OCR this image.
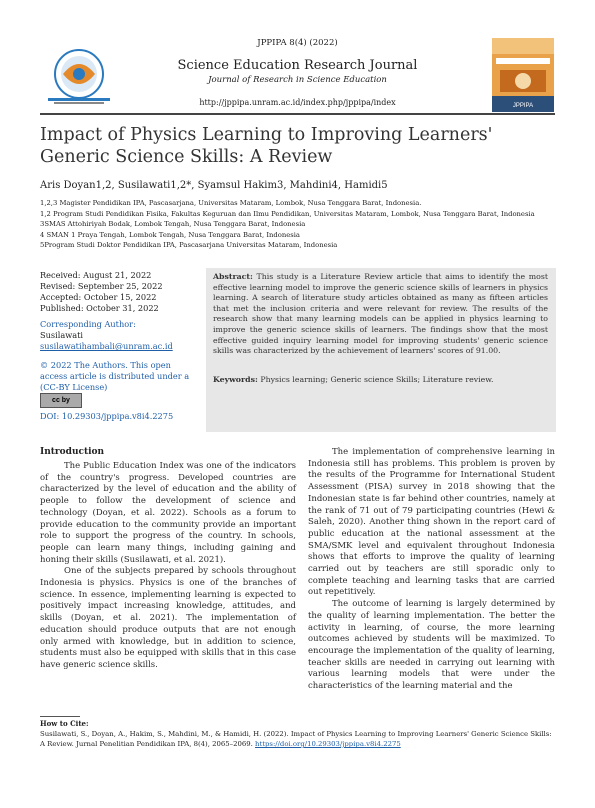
JPPIPA 8(4) (2022)
Science Education Research Journal
Journal of Research in Science Education
http://jppipa.unram.ac.id/index.php/jppipa/index	JPPIPA
Impact of Physics Learning to Improving Learners' Generic Science Skills: A Review
Aris Doyan1,2, Susilawati1,2*, Syamsul Hakim3, Mahdini4, Hamidi5
1,2,3 Magister Pendidikan IPA, Pascasarjana, Universitas Mataram, Lombok, Nusa Tenggara Barat, Indonesia.
1,2 Program Studi Pendidikan Fisika, Fakultas Keguruan dan Ilmu Pendidikan, Universitas Mataram, Lombok, Nusa Tenggara Barat, Indonesia
3SMAS Attohiriyah Bodak, Lombok Tengah, Nusa Tenggara Barat, Indonesia
4 SMAN 1 Praya Tengah, Lombok Tengah, Nusa Tenggara Barat, Indonesia
5Program Studi Doktor Pendidikan IPA, Pascasarjana Universitas Mataram, Indonesia
Received: August 21, 2022
Revised: September 25, 2022
Accepted: October 15, 2022
Published: October 31, 2022
Corresponding Author:
Susilawati
susilawatihambali@unram.ac.id
© 2022 The Authors. This open access article is distributed under a (CC-BY License)
cc by
DOI: 10.29303/jppipa.v8i4.2275
Abstract: This study is a Literature Review article that aims to identify the most effective learning model to improve the generic science skills of learners in physics learning. A search of literature study articles obtained as many as fifteen articles that met the inclusion criteria and were relevant for review. The results of the research show that many learning models can be applied in physics learning to improve the generic science skills of learners. The findings show that the most effective guided inquiry learning model for improving students' generic science skills was characterized by the achievement of learners' scores of 91.00.
Keywords: Physics learning; Generic science Skills; Literature review.
Introduction

The Public Education Index was one of the indicators of the country's progress. Developed countries are characterized by the level of education and the ability of people to follow the development of science and technology (Doyan, et al. 2022). Schools as a forum to provide education to the community provide an important role to support the progress of the country. In schools, people can learn many things, including gaining and honing their skills (Susilawati, et al. 2021).

One of the subjects prepared by schools throughout Indonesia is physics. Physics is one of the branches of science. In essence, implementing learning is expected to positively impact increasing knowledge, attitudes, and skills (Doyan, et al. 2021). The implementation of education should produce outputs that are not enough only armed with knowledge, but in addition to science, students must also be equipped with skills that in this case have generic science skills.

The implementation of comprehensive learning in Indonesia still has problems. This problem is proven by the results of the Programme for International Student Assessment (PISA) survey in 2018 showing that the Indonesian state is far behind other countries, namely at the rank of 71 out of 79 participating countries (Hewi & Saleh, 2020). Another thing shown in the report card of public education at the national assessment at the SMA/SMK level and equivalent throughout Indonesia shows that efforts to improve the quality of learning carried out by teachers are still sporadic only to complete teaching and learning tasks that are carried out repetitively.

The outcome of learning is largely determined by the quality of learning implementation. The better the activity in learning, of course, the more learning outcomes achieved by students will be maximized. To encourage the implementation of the quality of learning, teacher skills are needed in carrying out learning with various learning models that were under the characteristics of the learning material and the

How to Cite:
Susilawati, S., Doyan, A., Hakim, S., Mahdini, M., & Hamidi, H. (2022). Impact of Physics Learning to Improving Learners' Generic Science Skills: A Review. Jurnal Penelitian Pendidikan IPA, 8(4), 2065–2069. https://doi.org/10.29303/jppipa.v8i4.2275
